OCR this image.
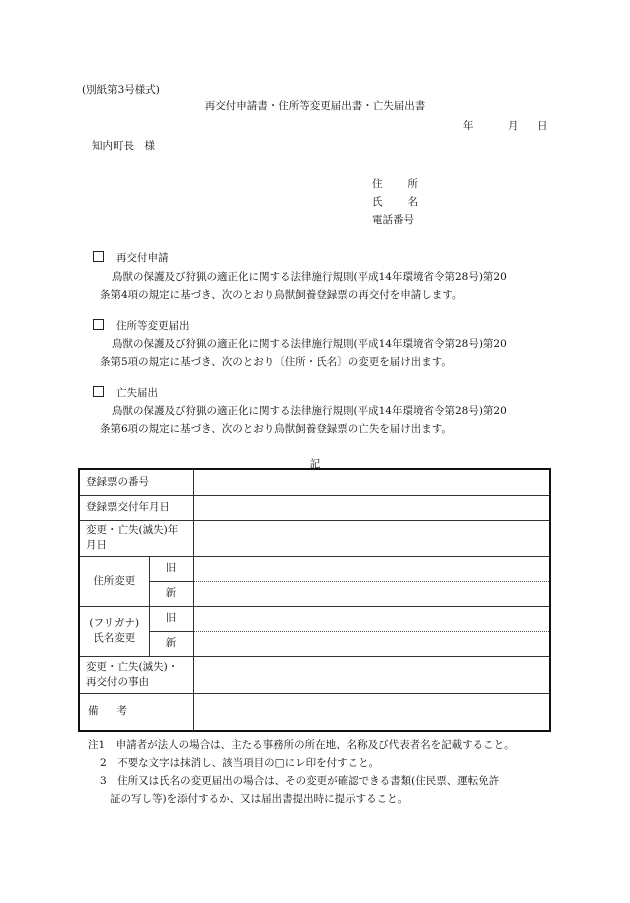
(別紙第3号様式)
再交付申請書・住所等変更届出書・亡失届出書
年	月 日
知内町長　様
住所
氏名
電話番号
再交付申請
鳥獣の保護及び狩猟の適正化に関する法律施行規則(平成14年環境省令第28号)第20
条第4項の規定に基づき、次のとおり鳥獣飼養登録票の再交付を申請します。
住所等変更届出
鳥獣の保護及び狩猟の適正化に関する法律施行規則(平成14年環境省令第28号)第20
条第5項の規定に基づき、次のとおり〔住所・氏名〕の変更を届け出ます。
亡失届出
鳥獣の保護及び狩猟の適正化に関する法律施行規則(平成14年環境省令第28号)第20
条第6項の規定に基づき、次のとおり鳥獣飼養登録票の亡失を届け出ます。
記
登録票の番号		
登録票交付年月日		
変更・亡失(滅失)年
月日		
住所変更	旧	
	新	
(フリガナ)
氏名変更	旧	
	新	
変更・亡失(滅失)・
再交付の事由		
備考		
注1　申請者が法人の場合は、主たる事務所の所在地、名称及び代表者名を記載すること。
2　不要な文字は抹消し、該当項目の□にレ印を付すこと。
3　住所又は氏名の変更届出の場合は、その変更が確認できる書類(住民票、運転免許
証の写し等)を添付するか、又は届出書提出時に提示すること。
